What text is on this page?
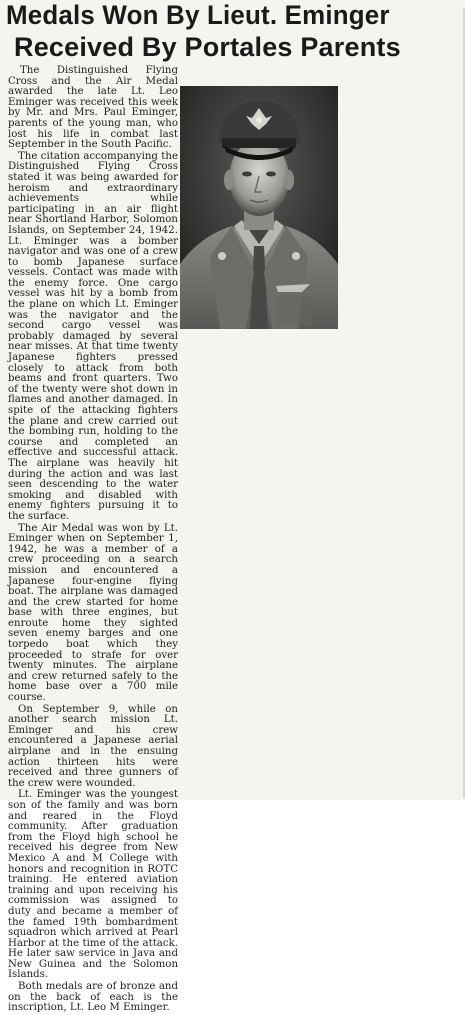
Medals Won By Lieut. Eminger
Received By Portales Parents

The Distinguished Flying Cross and the Air Medal awarded the late Lt. Leo Eminger was received this week by Mr. and Mrs. Paul Eminger, parents of the young man, who lost his life in combat last September in the South Pacific.

The citation accompanying the Distinguished Flying Cross stated it was being awarded for heroism and extraordinary achievements while participating in an air flight near Shortland Harbor, Solomon Islands, on September 24, 1942. Lt. Eminger was a bomber navigator and was one of a crew to bomb Japanese surface vessels. Contact was made with the enemy force. One cargo vessel was hit by a bomb from the plane on which Lt. Eminger was the navigator and the second cargo vessel was probably damaged by several near misses. At that time twenty Japanese fighters pressed closely to attack from both beams and front quarters. Two of the twenty were shot down in flames and another damaged. In spite of the attacking fighters the plane and crew carried out the bombing run, holding to the course and completed an effective and successful attack. The airplane was heavily hit during the action and was last seen descending to the water smoking and disabled with enemy fighters pursuing it to the surface.

The Air Medal was won by Lt. Eminger when on September 1, 1942, he was a member of a crew proceeding on a search mission and encountered a Japanese four-engine flying boat. The airplane was damaged and the crew started for home base with three engines, but enroute home they sighted seven enemy barges and one torpedo boat which they proceeded to strafe for over twenty minutes. The airplane and crew returned safely to the home base over a 700 mile course.

On September 9, while on another search mission Lt. Eminger and his crew encountered a Japanese aerial airplane and in the ensuing action thirteen hits were received and three gunners of the crew were wounded.

Lt. Eminger was the youngest son of the family and was born and reared in the Floyd community. After graduation from the Floyd high school he received his degree from New Mexico A and M College with honors and recognition in ROTC training. He entered aviation training and upon receiving his commission was assigned to duty and became a member of the famed 19th bombardment squadron which arrived at Pearl Harbor at the time of the attack. He later saw service in Java and New Guinea and the Solomon Islands.

Both medals are of bronze and on the back of each is the inscription, Lt. Leo M Eminger.
